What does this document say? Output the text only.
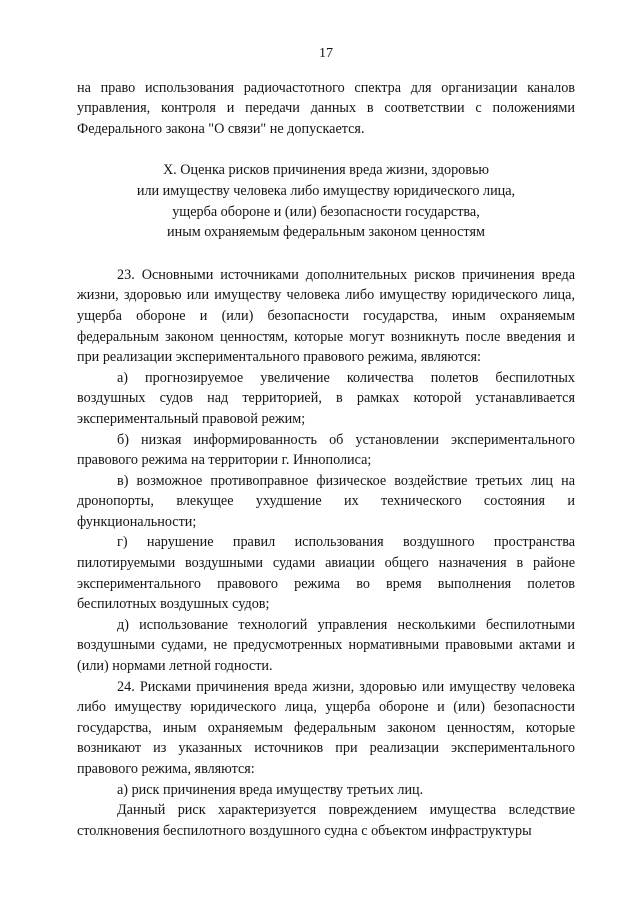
17

на право использования радиочастотного спектра для организации каналов управления, контроля и передачи данных в соответствии с положениями Федерального закона "О связи" не допускается.

X. Оценка рисков причинения вреда жизни, здоровью
или имуществу человека либо имуществу юридического лица,
ущерба обороне и (или) безопасности государства,
иным охраняемым федеральным законом ценностям

23. Основными источниками дополнительных рисков причинения вреда жизни, здоровью или имуществу человека либо имуществу юридического лица, ущерба обороне и (или) безопасности государства, иным охраняемым федеральным законом ценностям, которые могут возникнуть после введения и при реализации экспериментального правового режима, являются:

а) прогнозируемое увеличение количества полетов беспилотных воздушных судов над территорией, в рамках которой устанавливается экспериментальный правовой режим;

б) низкая информированность об установлении экспериментального правового режима на территории г. Иннополиса;

в) возможное противоправное физическое воздействие третьих лиц на дронопорты, влекущее ухудшение их технического состояния и функциональности;

г) нарушение правил использования воздушного пространства пилотируемыми воздушными судами авиации общего назначения в районе экспериментального правового режима во время выполнения полетов беспилотных воздушных судов;

д) использование технологий управления несколькими беспилотными воздушными судами, не предусмотренных нормативными правовыми актами и (или) нормами летной годности.

24. Рисками причинения вреда жизни, здоровью или имуществу человека либо имуществу юридического лица, ущерба обороне и (или) безопасности государства, иным охраняемым федеральным законом ценностям, которые возникают из указанных источников при реализации экспериментального правового режима, являются:

а) риск причинения вреда имуществу третьих лиц.

Данный риск характеризуется повреждением имущества вследствие столкновения беспилотного воздушного судна с объектом инфраструктуры
